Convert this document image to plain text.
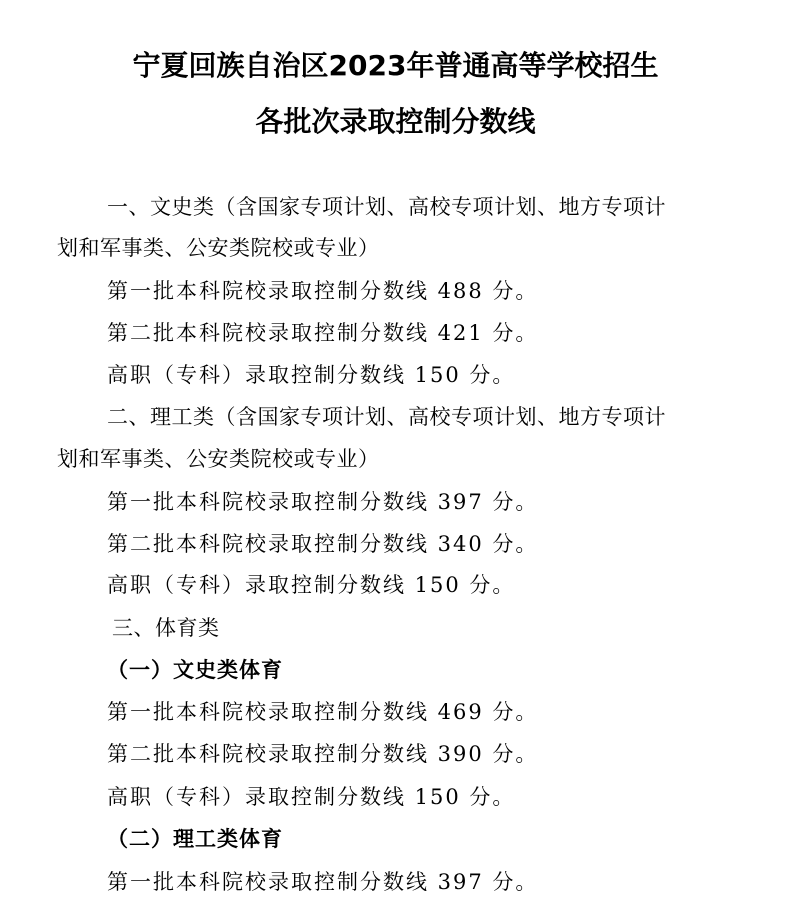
宁夏回族自治区2023年普通高等学校招生
各批次录取控制分数线
一、文史类（含国家专项计划、高校专项计划、地方专项计
划和军事类、公安类院校或专业）
第一批本科院校录取控制分数线 488 分。
第二批本科院校录取控制分数线 421 分。
高职（专科）录取控制分数线 150 分。
二、理工类（含国家专项计划、高校专项计划、地方专项计
划和军事类、公安类院校或专业）
第一批本科院校录取控制分数线 397 分。
第二批本科院校录取控制分数线 340 分。
高职（专科）录取控制分数线 150 分。
三、体育类
（一）文史类体育
第一批本科院校录取控制分数线 469 分。
第二批本科院校录取控制分数线 390 分。
高职（专科）录取控制分数线 150 分。
（二）理工类体育
第一批本科院校录取控制分数线 397 分。
